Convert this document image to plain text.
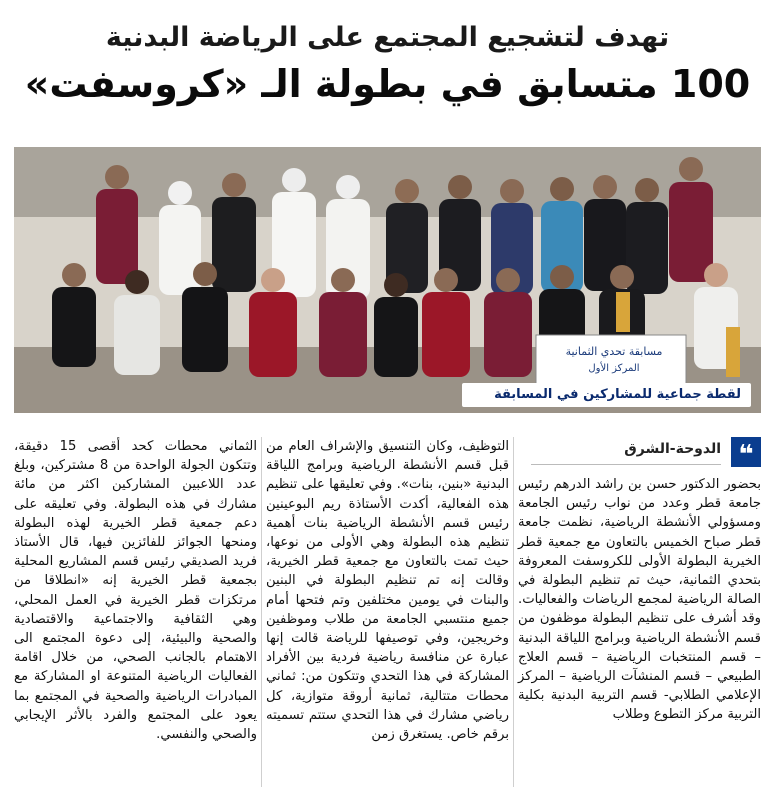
تهدف لتشجيع المجتمع على الرياضة البدنية
100 متسابق في بطولة الـ «كروسفت»
مسابقة تحدي الثمانية
المركز الأول
لقطة جماعية للمشاركين في المسابقة
❝
الدوحة-الشرق

بحضور الدكتور حسن بن راشد الدرهم رئيس جامعة قطر وعدد من نواب رئيس الجامعة ومسؤولي الأنشطة الرياضية، نظمت جامعة قطر صباح الخميس بالتعاون مع جمعية قطر الخيرية البطولة الأولى للكروسفت المعروفة بتحدي الثمانية، حيث تم تنظيم البطولة في الصالة الرياضية لمجمع الرياضات والفعاليات. وقد أشرف على تنظيم البطولة موظفون من قسم الأنشطة الرياضية وبرامج اللياقة البدنية – قسم المنتخبات الرياضية – قسم العلاج الطبيعي – قسم المنشآت الرياضية – المركز الإعلامي الطلابي- قسم التربية البدنية بكلية التربية مركز التطوع وطلاب

التوظيف، وكان التنسيق والإشراف العام من قبل قسم الأنشطة الرياضية وبرامج اللياقة البدنية «بنين، بنات». وفي تعليقها على تنظيم هذه الفعالية، أكدت الأستاذة ريم البوعينين رئيس قسم الأنشطة الرياضية بنات أهمية تنظيم هذه البطولة وهي الأولى من نوعها، حيث تمت بالتعاون مع جمعية قطر الخيرية، وقالت إنه تم تنظيم البطولة في البنين والبنات في يومين مختلفين وتم فتحها أمام جميع منتسبي الجامعة من طلاب وموظفين وخريجين، وفي توصيفها للرياضة قالت إنها عبارة عن منافسة رياضية فردية بين الأفراد المشاركة في هذا التحدي وتتكون من: ثماني محطات متتالية، ثمانية أروقة متوازية، كل رياضي مشارك في هذا التحدي ستتم تسميته برقم خاص. يستغرق زمن

الثماني محطات كحد أقصى 15 دقيقة، وتتكون الجولة الواحدة من 8 مشتركين، وبلغ عدد اللاعبين المشاركين اكثر من مائة مشارك في هذه البطولة. وفي تعليقه على دعم جمعية قطر الخيرية لهذه البطولة ومنحها الجوائز للفائزين فيها، قال الأستاذ فريد الصديقي رئيس قسم المشاريع المحلية بجمعية قطر الخيرية إنه «انطلاقا من مرتكزات قطر الخيرية في العمل المحلي، وهي الثقافية والاجتماعية والاقتصادية والصحية والبيئية، إلى دعوة المجتمع الى الاهتمام بالجانب الصحي، من خلال اقامة الفعاليات الرياضية المتنوعة او المشاركة مع المبادرات الرياضية والصحية في المجتمع بما يعود على المجتمع والفرد بالأثر الإيجابي والصحي والنفسي.
